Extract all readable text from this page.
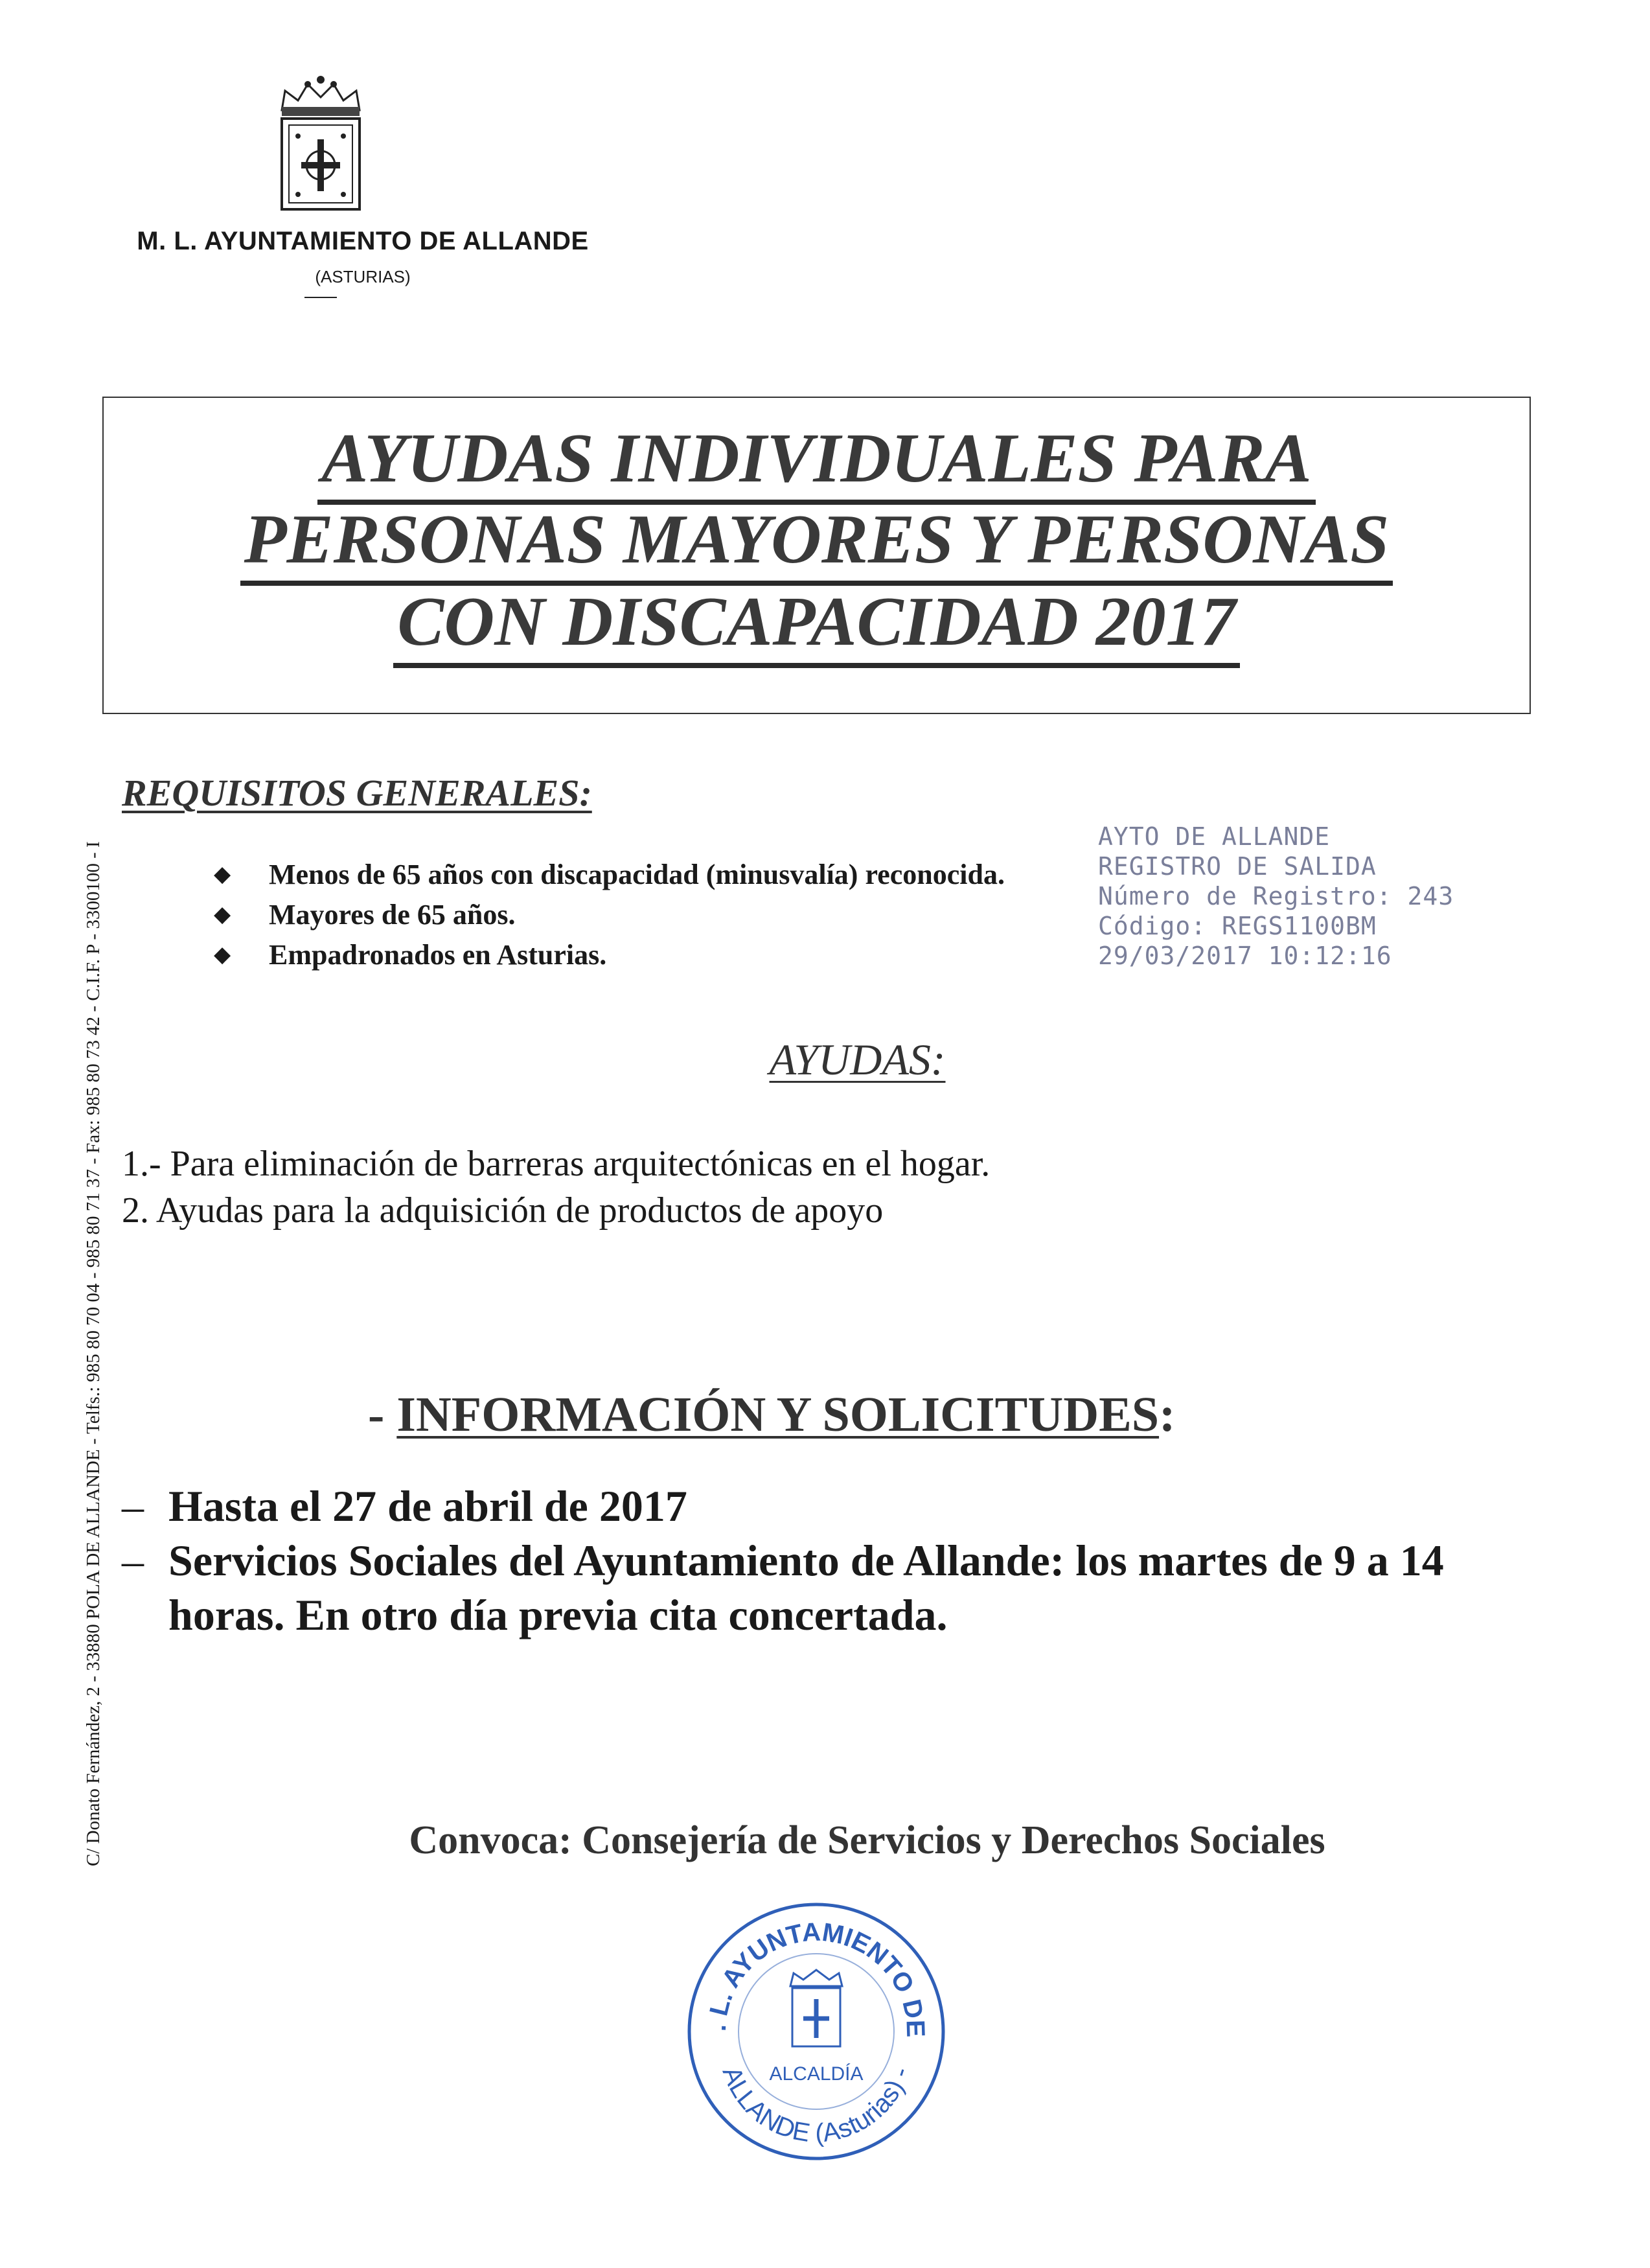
M. L. AYUNTAMIENTO DE ALLANDE
(ASTURIAS)
C/ Donato Fernández, 2 - 33880 POLA DE ALLANDE - Telfs.: 985 80 70 04 - 985 80 71 37 - Fax: 985 80 73 42 - C.I.F. P - 3300100 - I
AYUDAS INDIVIDUALES PARA
PERSONAS MAYORES Y PERSONAS
CON DISCAPACIDAD 2017
REQUISITOS GENERALES:
◆	Menos de 65 años con discapacidad (minusvalía) reconocida.
◆	Mayores de 65 años.
◆	Empadronados en Asturias.
AYTO DE ALLANDE
REGISTRO DE SALIDA
Número de Registro: 243
Código: REGS1100BM
29/03/2017 10:12:16
AYUDAS:
1.- Para eliminación de barreras arquitectónicas en el hogar.
2. Ayudas para la adquisición de productos de apoyo
- INFORMACIÓN Y SOLICITUDES:
– Hasta el 27 de abril de 2017
– Servicios Sociales del Ayuntamiento de Allande: los martes de 9 a 14 horas. En otro día previa cita concertada.
Convoca: Consejería de Servicios y Derechos Sociales
. L. AYUNTAMIENTO DE
ALLANDE (Asturias) -
ALCALDÍA
